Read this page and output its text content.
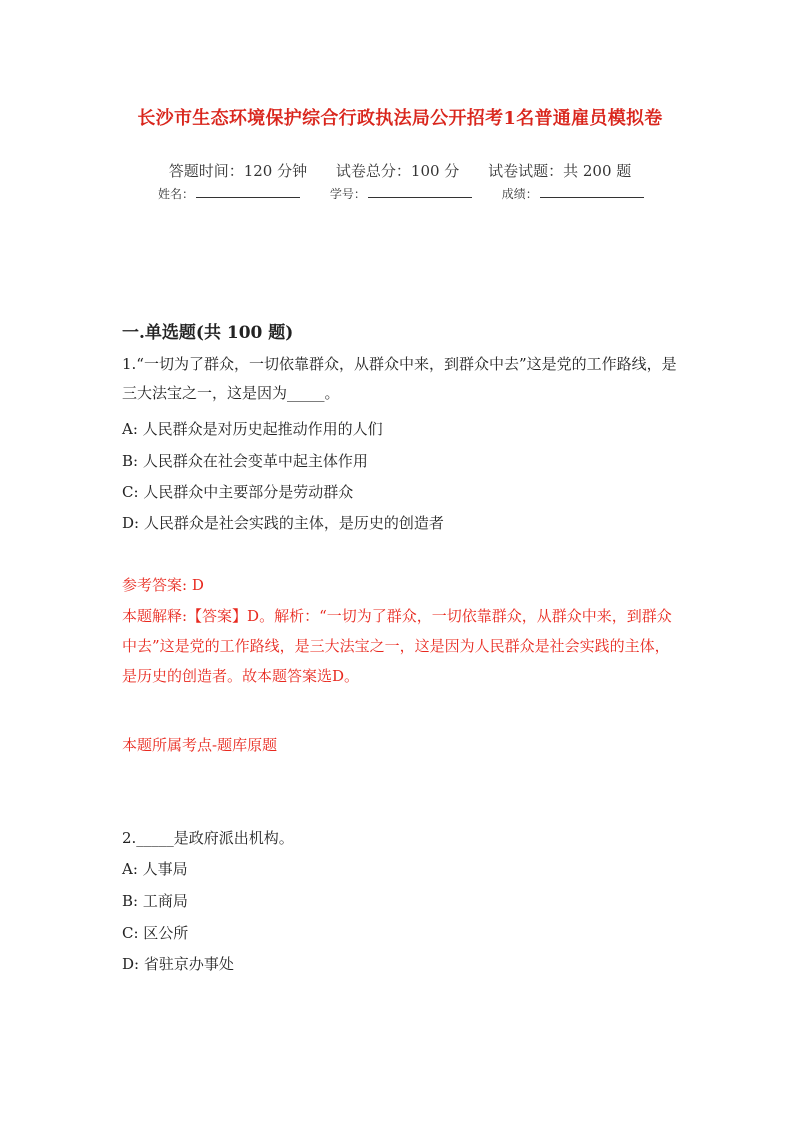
长沙市生态环境保护综合行政执法局公开招考1名普通雇员模拟卷
答题时间：120 分钟 试卷总分：100 分 试卷试题：共 200 题
姓名：	学号：	成绩：
一.单选题(共 100 题)
1.“一切为了群众，一切依靠群众，从群众中来，到群众中去”这是党的工作路线，是三大法宝之一，这是因为_____。
A: 人民群众是对历史起推动作用的人们
B: 人民群众在社会变革中起主体作用
C: 人民群众中主要部分是劳动群众
D: 人民群众是社会实践的主体，是历史的创造者
参考答案: D
本题解释:【答案】D。解析：“一切为了群众，一切依靠群众，从群众中来，到群众中去”这是党的工作路线，是三大法宝之一，这是因为人民群众是社会实践的主体，是历史的创造者。故本题答案选D。
本题所属考点-题库原题
2._____是政府派出机构。
A: 人事局
B: 工商局
C: 区公所
D: 省驻京办事处
